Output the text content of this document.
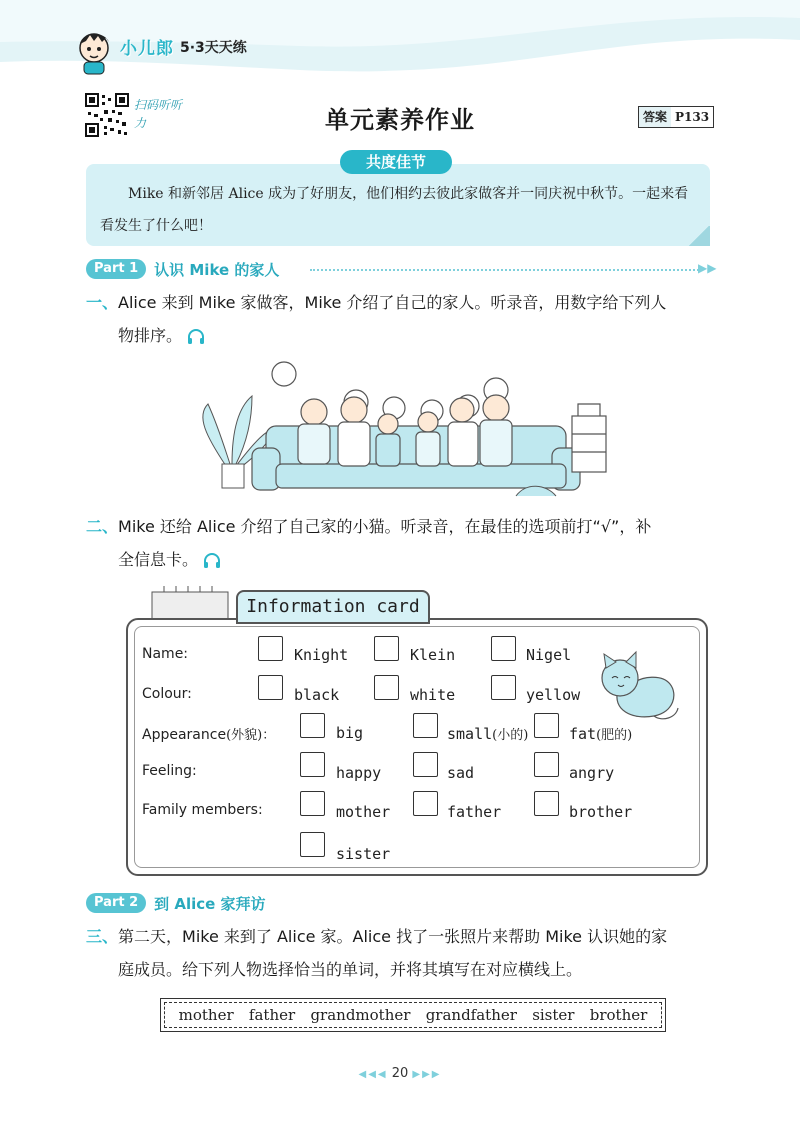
小儿郎 5·3天天练
扫码听听力	单元素养作业	答案 P133
共度佳节
Mike 和新邻居 Alice 成为了好朋友，他们相约去彼此家做客并一同庆祝中秋节。一起来看看发生了什么吧！
Part 1	认识 Mike 的家人	▶▶
一、Alice 来到 Mike 家做客，Mike 介绍了自己的家人。听录音，用数字给下列人
物排序。
二、Mike 还给 Alice 介绍了自己家的小猫。听录音，在最佳的选项前打“√”，补
全信息卡。
Information card
Name:	Knight	Klein	Nigel
Colour:	black	white	yellow
Appearance(外貌)：	big	small(小的)	fat(肥的)
Feeling:	happy	sad	angry
Family members:	mother	father	brother
sister
Part 2	到 Alice 家拜访
三、第二天，Mike 来到了 Alice 家。Alice 找了一张照片来帮助 Mike 认识她的家
庭成员。给下列人物选择恰当的单词，并将其填写在对应横线上。
mother father grandmother grandfather sister brother
◀◀◀ 20 ▶▶▶
